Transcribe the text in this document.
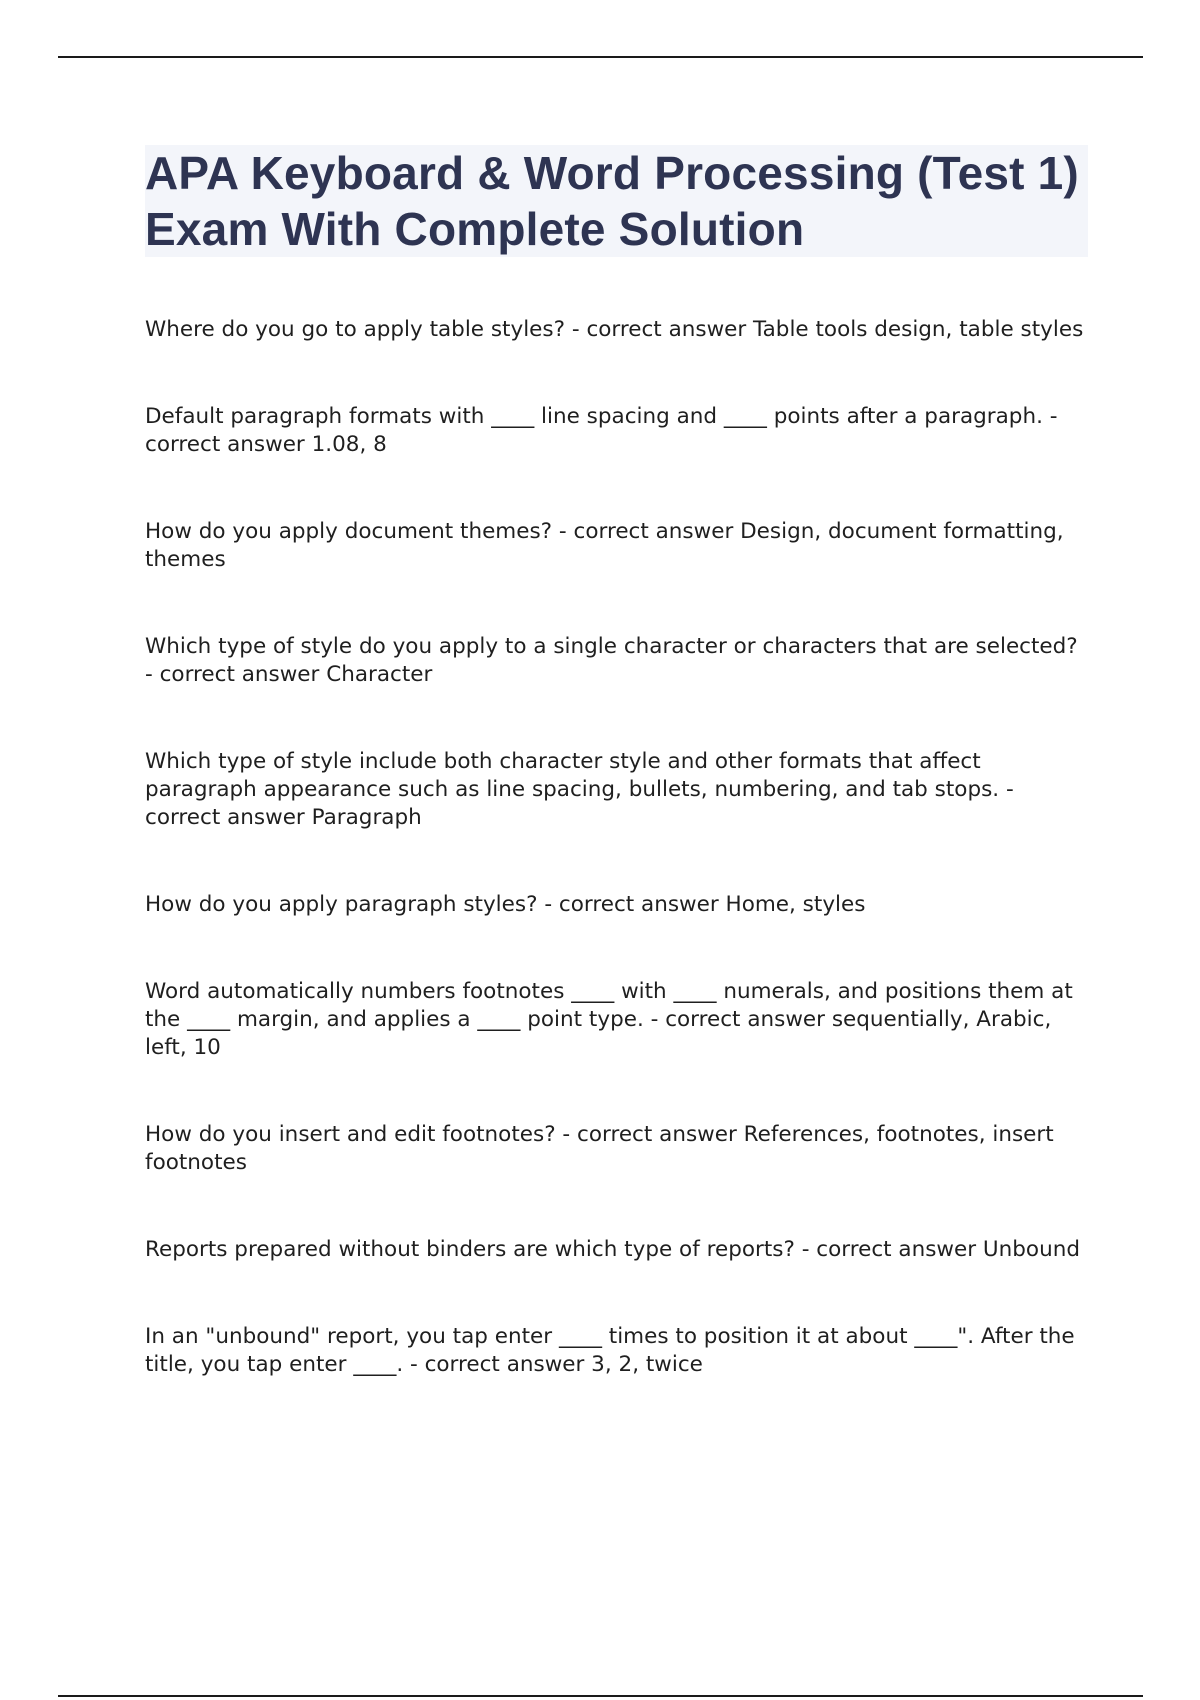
APA Keyboard & Word Processing (Test 1) Exam With Complete Solution
Where do you go to apply table styles? - correct answer Table tools design, table styles
Default paragraph formats with ____ line spacing and ____ points after a paragraph. - correct answer 1.08, 8
How do you apply document themes? - correct answer Design, document formatting, themes
Which type of style do you apply to a single character or characters that are selected? - correct answer Character
Which type of style include both character style and other formats that affect paragraph appearance such as line spacing, bullets, numbering, and tab stops. - correct answer Paragraph
How do you apply paragraph styles? - correct answer Home, styles
Word automatically numbers footnotes ____ with ____ numerals, and positions them at the ____ margin, and applies a ____ point type. - correct answer sequentially, Arabic, left, 10
How do you insert and edit footnotes? - correct answer References, footnotes, insert footnotes
Reports prepared without binders are which type of reports? - correct answer Unbound
In an "unbound" report, you tap enter ____ times to position it at about ____". After the title, you tap enter ____. - correct answer 3, 2, twice
